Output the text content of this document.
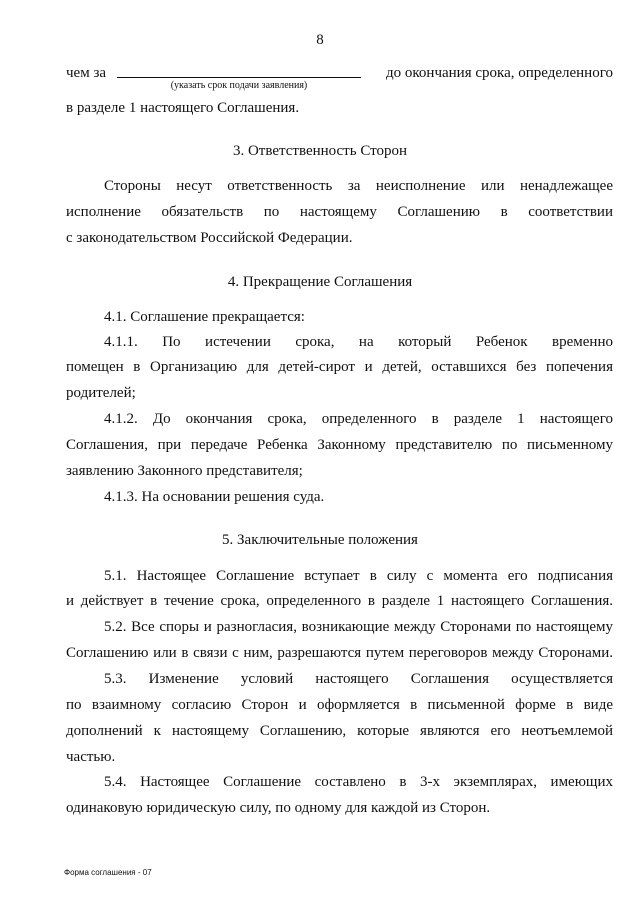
8
чем за	до окончания срока, определенного
(указать срок подачи заявления)
в разделе 1 настоящего Соглашения.
3. Ответственность Сторон
Стороны несут ответственность за неисполнение или ненадлежащее
исполнение обязательств по настоящему Соглашению в соответствии
с законодательством Российской Федерации.
4. Прекращение Соглашения
4.1. Соглашение прекращается:
4.1.1. По истечении срока, на который Ребенок временно
помещен в Организацию для детей-сирот и детей, оставшихся без попечения
родителей;
4.1.2. До окончания срока, определенного в разделе 1 настоящего
Соглашения, при передаче Ребенка Законному представителю по письменному
заявлению Законного представителя;
4.1.3. На основании решения суда.
5. Заключительные положения
5.1. Настоящее Соглашение вступает в силу с момента его подписания
и действует в течение срока, определенного в разделе 1 настоящего Соглашения.
5.2. Все споры и разногласия, возникающие между Сторонами по настоящему
Соглашению или в связи с ним, разрешаются путем переговоров между Сторонами.
5.3. Изменение условий настоящего Соглашения осуществляется
по взаимному согласию Сторон и оформляется в письменной форме в виде
дополнений к настоящему Соглашению, которые являются его неотъемлемой
частью.
5.4. Настоящее Соглашение составлено в 3-х экземплярах, имеющих
одинаковую юридическую силу, по одному для каждой из Сторон.
Форма соглашения - 07
